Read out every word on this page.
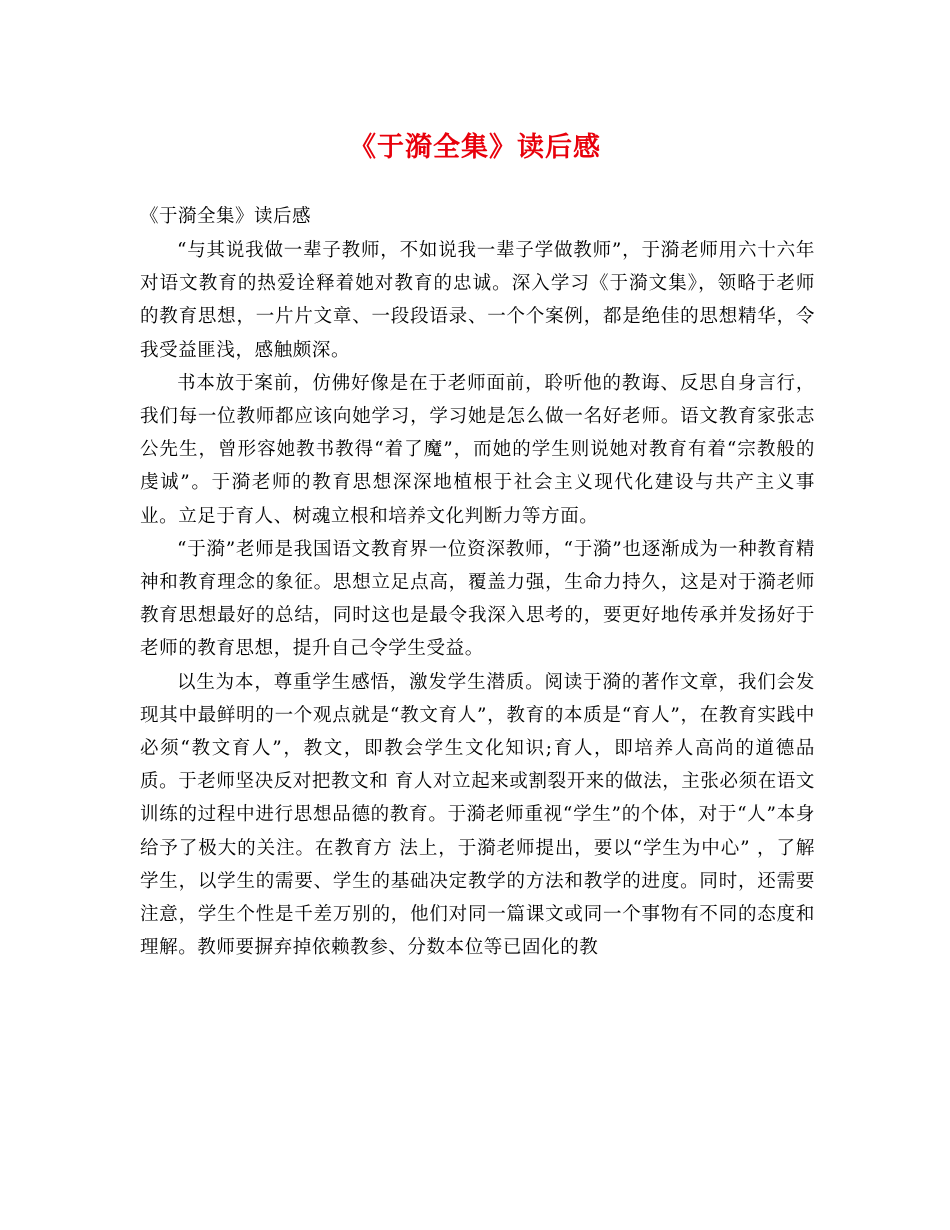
《于漪全集》读后感

《于漪全集》读后感

“与其说我做一辈子教师，不如说我一辈子学做教师”，于漪老师用六十六年对语文教育的热爱诠释着她对教育的忠诚。深入学习《于漪文集》，领略于老师的教育思想，一片片文章、一段段语录、一个个案例，都是绝佳的思想精华，令我受益匪浅，感触颇深。

书本放于案前，仿佛好像是在于老师面前，聆听他的教诲、反思自身言行，我们每一位教师都应该向她学习，学习她是怎么做一名好老师。语文教育家张志公先生，曾形容她教书教得“着了魔”，而她的学生则说她对教育有着“宗教般的虔诚”。于漪老师的教育思想深深地植根于社会主义现代化建设与共产主义事业。立足于育人、树魂立根和培养文化判断力等方面。

“于漪”老师是我国语文教育界一位资深教师，“于漪”也逐渐成为一种教育精神和教育理念的象征。思想立足点高，覆盖力强，生命力持久，这是对于漪老师教育思想最好的总结，同时这也是最令我深入思考的，要更好地传承并发扬好于老师的教育思想，提升自己令学生受益。

以生为本，尊重学生感悟，激发学生潜质。阅读于漪的著作文章，我们会发现其中最鲜明的一个观点就是“教文育人”，教育的本质是“育人”，在教育实践中必须“教文育人”，教文，即教会学生文化知识;育人，即培养人高尚的道德品质。于老师坚决反对把教文和 育人对立起来或割裂开来的做法，主张必须在语文训练的过程中进行思想品德的教育。于漪老师重视“学生”的个体，对于“人”本身给予了极大的关注。在教育方 法上，于漪老师提出，要以“学生为中心” ，了解学生，以学生的需要、学生的基础决定教学的方法和教学的进度。同时，还需要注意，学生个性是千差万别的，他们对同一篇课文或同一个事物有不同的态度和理解。教师要摒弃掉依赖教参、分数本位等已固化的教
